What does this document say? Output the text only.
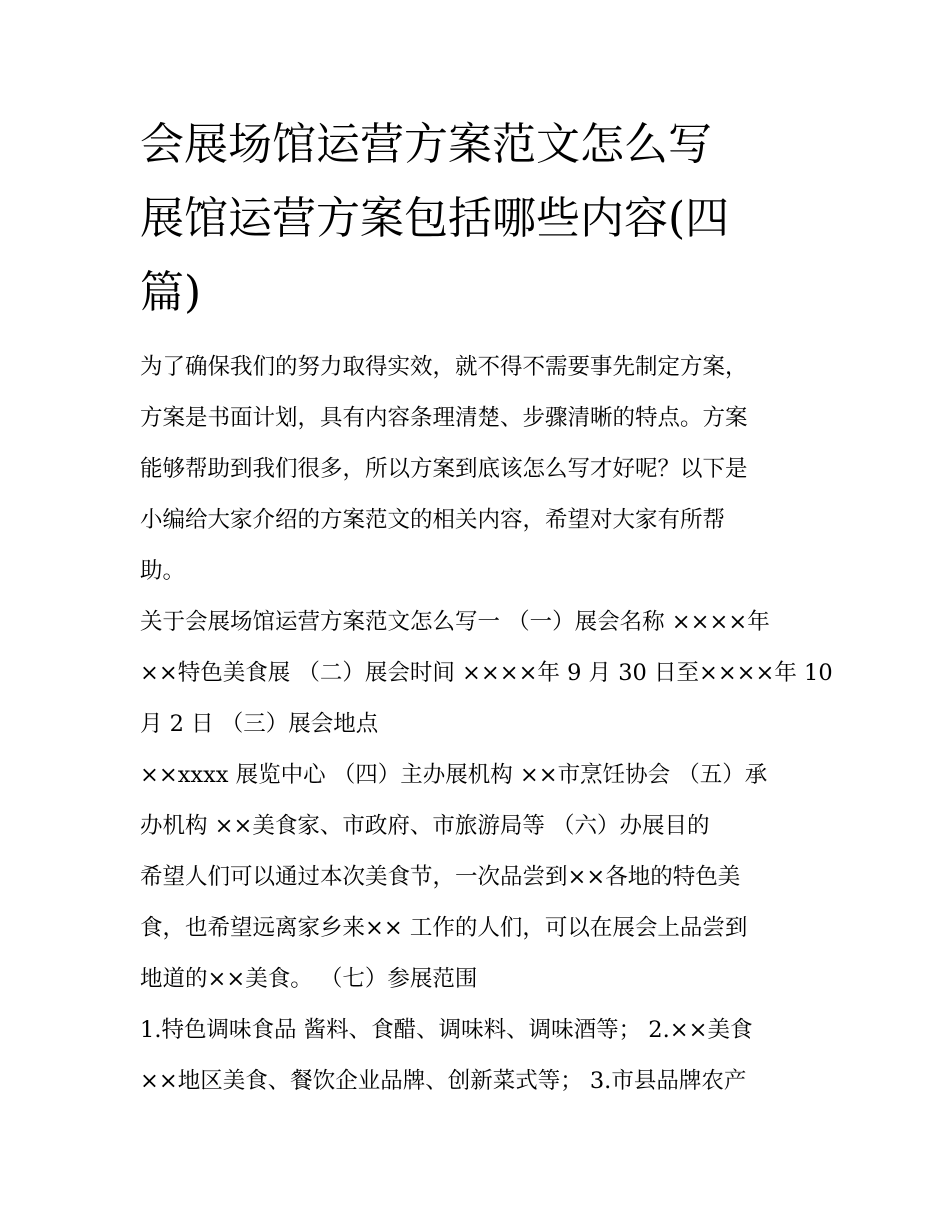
会展场馆运营方案范文怎么写
展馆运营方案包括哪些内容(四
篇)

为了确保我们的努力取得实效，就不得不需要事先制定方案，
方案是书面计划，具有内容条理清楚、步骤清晰的特点。方案
能够帮助到我们很多，所以方案到底该怎么写才好呢？以下是
小编给大家介绍的方案范文的相关内容，希望对大家有所帮
助。

关于会展场馆运营方案范文怎么写一 （一）展会名称 ××××年
××特色美食展 （二）展会时间 ××××年 9 月 30 日至××××年 10
月 2 日 （三）展会地点

××xxxx 展览中心 （四）主办展机构 ××市烹饪协会 （五）承
办机构 ××美食家、市政府、市旅游局等 （六）办展目的

希望人们可以通过本次美食节，一次品尝到××各地的特色美
食，也希望远离家乡来×× 工作的人们，可以在展会上品尝到
地道的××美食。 （七）参展范围

1.特色调味食品 酱料、食醋、调味料、调味酒等； 2.××美食
××地区美食、餐饮企业品牌、创新菜式等； 3.市县品牌农产
